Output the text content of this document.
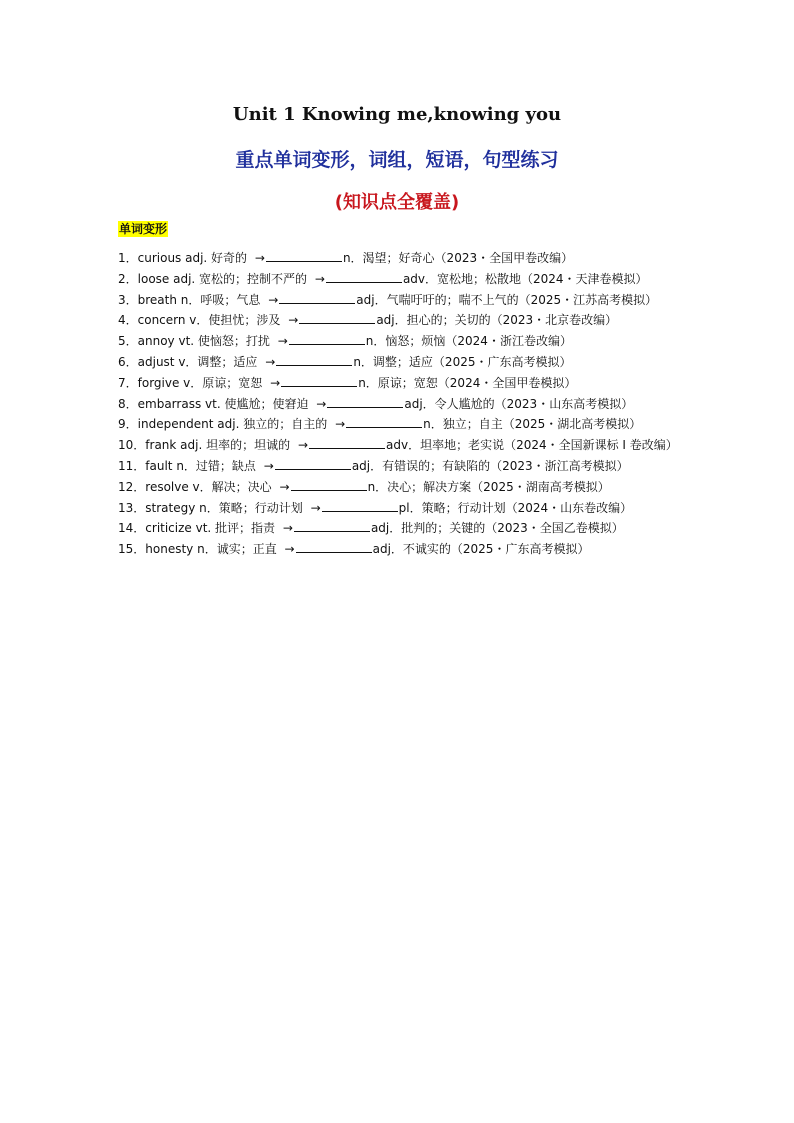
Unit 1 Knowing me,knowing you
重点单词变形，词组，短语，句型练习
(知识点全覆盖)
单词变形

1．curious adj. 好奇的 →	n．渴望；好奇心（2023・全国甲卷改编）

2．loose adj. 宽松的；控制不严的 →	adv．宽松地；松散地（2024・天津卷模拟）

3．breath n．呼吸；气息 →	adj．气喘吁吁的；喘不上气的（2025・江苏高考模拟）

4．concern v．使担忧；涉及 →	adj．担心的；关切的（2023・北京卷改编）

5．annoy vt. 使恼怒；打扰 →	n．恼怒；烦恼（2024・浙江卷改编）

6．adjust v．调整；适应 →	n．调整；适应（2025・广东高考模拟）

7．forgive v．原谅；宽恕 →	n．原谅；宽恕（2024・全国甲卷模拟）

8．embarrass vt. 使尴尬；使窘迫 →	adj．令人尴尬的（2023・山东高考模拟）

9．independent adj. 独立的；自主的 →	n．独立；自主（2025・湖北高考模拟）

10．frank adj. 坦率的；坦诚的 →	adv．坦率地；老实说（2024・全国新课标 I 卷改编）

11．fault n．过错；缺点 →	adj．有错误的；有缺陷的（2023・浙江高考模拟）

12．resolve v．解决；决心 →	n．决心；解决方案（2025・湖南高考模拟）

13．strategy n．策略；行动计划 →	pl．策略；行动计划（2024・山东卷改编）

14．criticize vt. 批评；指责 →	adj．批判的；关键的（2023・全国乙卷模拟）

15．honesty n．诚实；正直 →	adj．不诚实的（2025・广东高考模拟）
